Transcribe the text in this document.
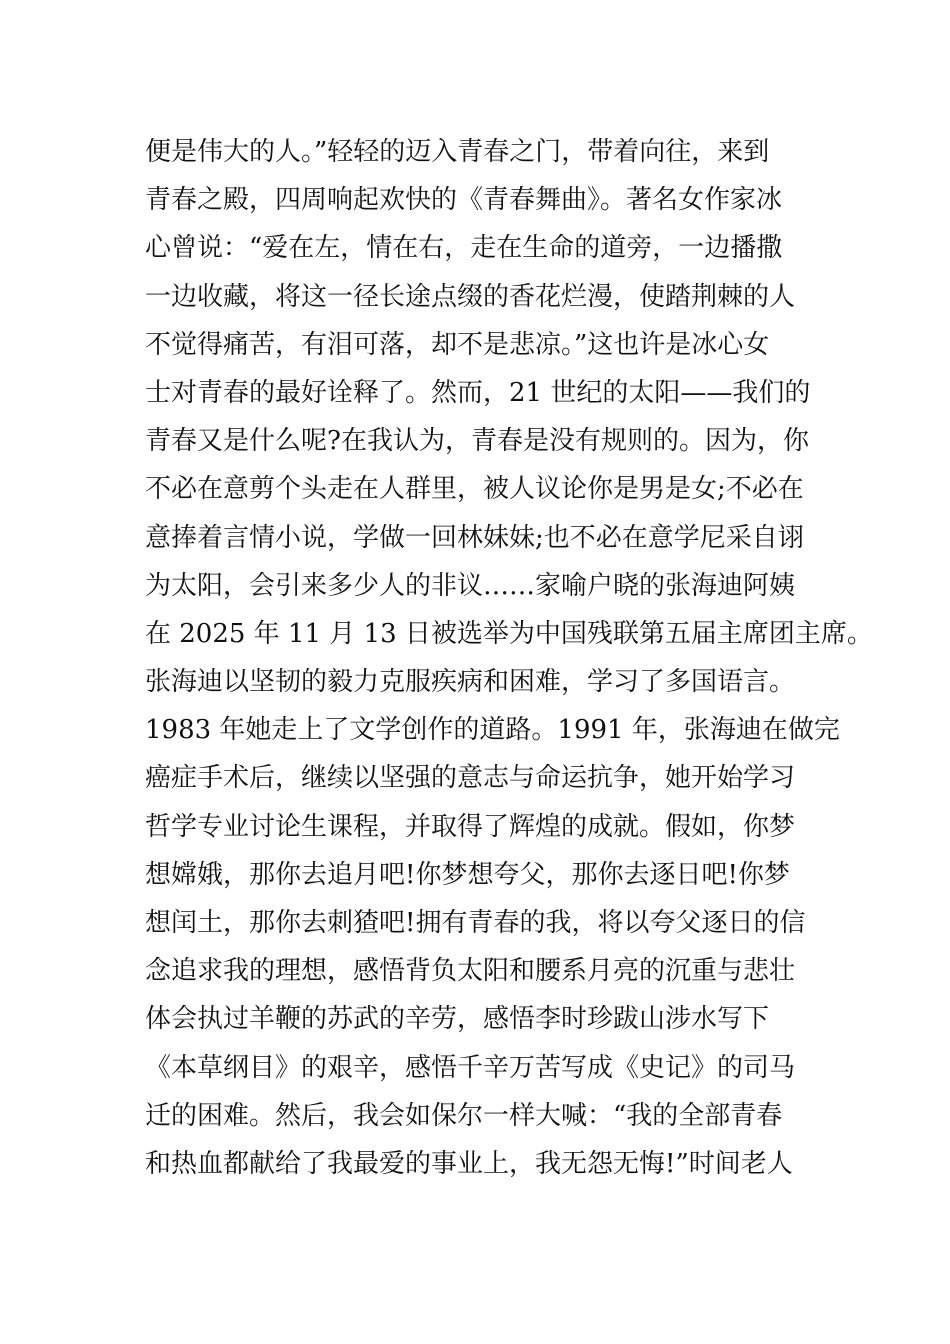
便是伟大的人。”轻轻的迈入青春之门，带着向往，来到
青春之殿，四周响起欢快的《青春舞曲》。著名女作家冰
心曾说：“爱在左，情在右，走在生命的道旁，一边播撒
一边收藏，将这一径长途点缀的香花烂漫，使踏荆棘的人
不觉得痛苦，有泪可落，却不是悲凉。”这也许是冰心女
士对青春的最好诠释了。然而，21 世纪的太阳——我们的
青春又是什么呢?在我认为，青春是没有规则的。因为，你
不必在意剪个头走在人群里，被人议论你是男是女;不必在
意捧着言情小说，学做一回林妹妹;也不必在意学尼采自诩
为太阳，会引来多少人的非议……家喻户晓的张海迪阿姨
在 2025 年 11 月 13 日被选举为中国残联第五届主席团主席。
张海迪以坚韧的毅力克服疾病和困难，学习了多国语言。
1983 年她走上了文学创作的道路。1991 年，张海迪在做完
癌症手术后，继续以坚强的意志与命运抗争，她开始学习
哲学专业讨论生课程，并取得了辉煌的成就。假如，你梦
想嫦娥，那你去追月吧!你梦想夸父，那你去逐日吧!你梦
想闰土，那你去刺猹吧!拥有青春的我，将以夸父逐日的信
念追求我的理想，感悟背负太阳和腰系月亮的沉重与悲壮
体会执过羊鞭的苏武的辛劳，感悟李时珍跋山涉水写下
《本草纲目》的艰辛，感悟千辛万苦写成《史记》的司马
迁的困难。然后，我会如保尔一样大喊：“我的全部青春
和热血都献给了我最爱的事业上，我无怨无悔!”时间老人
